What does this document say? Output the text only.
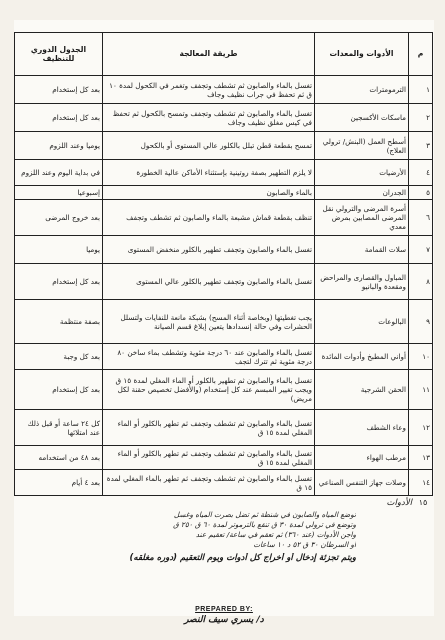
م	الأدوات والمعدات	طريقة المعالجة	الجدول الدوري للتنظيف
١	الترمومترات	تغسل بالماء والصابون ثم تشطف وتجفف وتغمر في الكحول لمدة ١٠ ق ثم تحفظ في جراب نظيف وجاف	بعد كل إستخدام
٢	ماسكات الأكسجين	تغسل بالماء والصابون ثم تشطف وتجفف وتمسح بالكحول ثم تحفظ في كيس مغلق نظيف وجاف	بعد كل إستخدام
٣	أسطح العمل (البنش/ ترولي العلاج)	تمسح بقطعة قطن تبلل بالكلور عالي المستوى أو بالكحول	يوميا وعند اللزوم
٤	الأرضيات	لا يلزم التطهير بصفة روتينية بإستثناء الأماكن عالية الخطورة	في بداية اليوم وعند اللزوم
٥	الجدران	بالماء والصابون	إسبوعيا
٦	أسرة المرضى والترولي نقل المرضى المصابين بمرض معدي	تنظف بقطعة قماش مشبعة بالماء والصابون ثم تشطف وتجفف	بعد خروج المرضى
٧	سلات القمامة	تغسل بالماء والصابون وتجفف تطهير بالكلور منخفض المستوى	يوميا
٨	المباول والقصارى والمراحض ومقعدة والبانيو	تغسل بالماء والصابون وتجفف تطهير بالكلور عالي المستوى	بعد كل إستخدام
٩	البالوعات	يجب تغطيتها (وبخاصة أثناء المسح) بشبكة مانعة للنفايات ولتسلل الحشرات وفي حالة إنسدادها يتعين إبلاغ قسم الصيانة	بصفة منتظمة
١٠	أواني المطبخ وأدوات المائدة	تغسل بالماء والصابون عند ٦٠ درجة مئوية وتشطف بماء ساخن ٨٠ درجة مئوية ثم تترك لتجف	بعد كل وجبة
١١	الحقن الشرجية	تغسل بالماء والصابون ثم تطهير بالكلور أو الماء المغلي لمدة ١٥ ق ويجب تغيير المبسم عند كل إستخدام (والأفضل تخصيص حقنة لكل مريض)	بعد كل إستخدام
١٢	وعاء الشطف	تغسل بالماء والصابون ثم تشطف وتجفف ثم تطهر بالكلور أو الماء المغلي لمدة ١٥ ق	كل ٢٤ ساعة أو قبل ذلك عند امتلائها
١٣	مرطب الهواء	تغسل بالماء والصابون ثم تشطف وتجفف ثم تطهر بالكلور أو الماء المغلي لمدة ١٥ ق	بعد ٤٨ من استخدامه
١٤	وصلات جهاز التنفس الصناعي	تغسل بالماء والصابون ثم تشطف وتجفف ثم تطهر بالماء المغلي لمدة ١٥ ق	بعد ٤ أيام
١٥
الأدوات
توضع المياه والصابون في شنطة ثم تضل بصرت المياه وغسل
وتوضع في ترولي لمدة ٣٠ ق تنقع بالترموتر لمدة ٦٠ ق ٢٥٠ ق
واجن الأدوات (عند ٣٦٠) ثم تعقم في ساعة/ تعقيم عند
أو السرطان ٣٠ ق ٥٢ د ١٠ ساعات
ويتم تجزئة إدخال أو أخراج كل أدوات ويوم التعقيم (دوره مغلقه)
PREPARED BY:
د/ يسري سيف النصر
